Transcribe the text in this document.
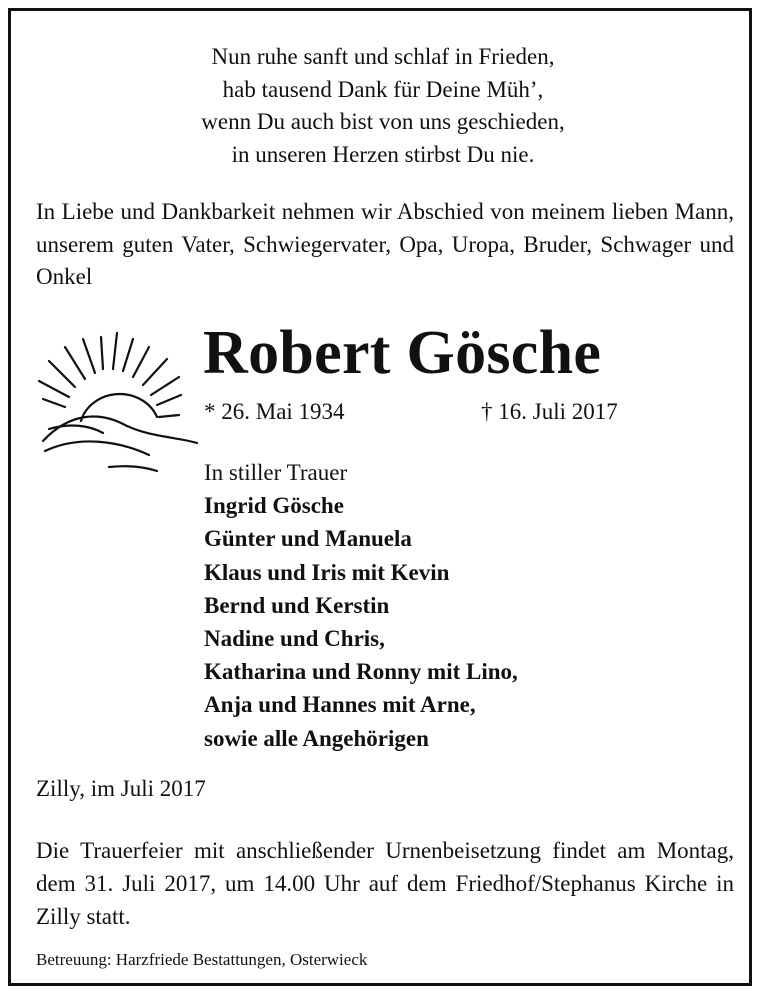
Nun ruhe sanft und schlaf in Frieden,
hab tausend Dank für Deine Müh’,
wenn Du auch bist von uns geschieden,
in unseren Herzen stirbst Du nie.
In Liebe und Dankbarkeit nehmen wir Abschied von meinem lieben Mann, unserem guten Vater, Schwiegervater, Opa, Uropa, Bruder, Schwager und Onkel
Robert Gösche
* 26. Mai 1934	† 16. Juli 2017
In stiller Trauer
Ingrid Gösche
Günter und Manuela
Klaus und Iris mit Kevin
Bernd und Kerstin
Nadine und Chris,
Katharina und Ronny mit Lino,
Anja und Hannes mit Arne,
sowie alle Angehörigen
Zilly, im Juli 2017
Die Trauerfeier mit anschließender Urnenbeisetzung findet am Montag, dem 31. Juli 2017, um 14.00 Uhr auf dem Friedhof/Stephanus Kirche in Zilly statt.
Betreuung: Harzfriede Bestattungen, Osterwieck
